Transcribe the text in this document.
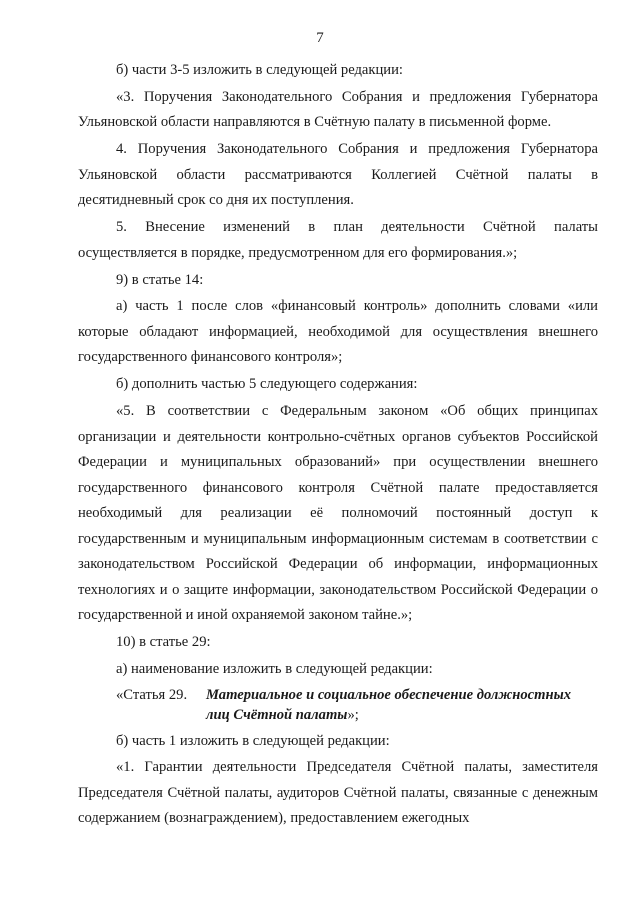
7

б) части 3-5 изложить в следующей редакции:

«3. Поручения Законодательного Собрания и предложения Губернатора Ульяновской области направляются в Счётную палату в письменной форме.

4. Поручения Законодательного Собрания и предложения Губернатора Ульяновской области рассматриваются Коллегией Счётной палаты в десятидневный срок со дня их поступления.

5. Внесение изменений в план деятельности Счётной палаты осуществляется в порядке, предусмотренном для его формирования.»;

9) в статье 14:

а) часть 1 после слов «финансовый контроль» дополнить словами «или которые обладают информацией, необходимой для осуществления внешнего государственного финансового контроля»;

б) дополнить частью 5 следующего содержания:

«5. В соответствии с Федеральным законом «Об общих принципах организации и деятельности контрольно-счётных органов субъектов Российской Федерации и муниципальных образований» при осуществлении внешнего государственного финансового контроля Счётной палате предоставляется необходимый для реализации её полномочий постоянный доступ к государственным и муниципальным информационным системам в соответствии с законодательством Российской Федерации об информации, информационных технологиях и о защите информации, законодательством Российской Федерации о государственной и иной охраняемой законом тайне.»;

10) в статье 29:

а) наименование изложить в следующей редакции:

«Статья 29.	Материальное и социальное обеспечение должностных лиц Счётной палаты»;

б) часть 1 изложить в следующей редакции:

«1. Гарантии деятельности Председателя Счётной палаты, заместителя Председателя Счётной палаты, аудиторов Счётной палаты, связанные с денежным содержанием (вознаграждением), предоставлением ежегодных
